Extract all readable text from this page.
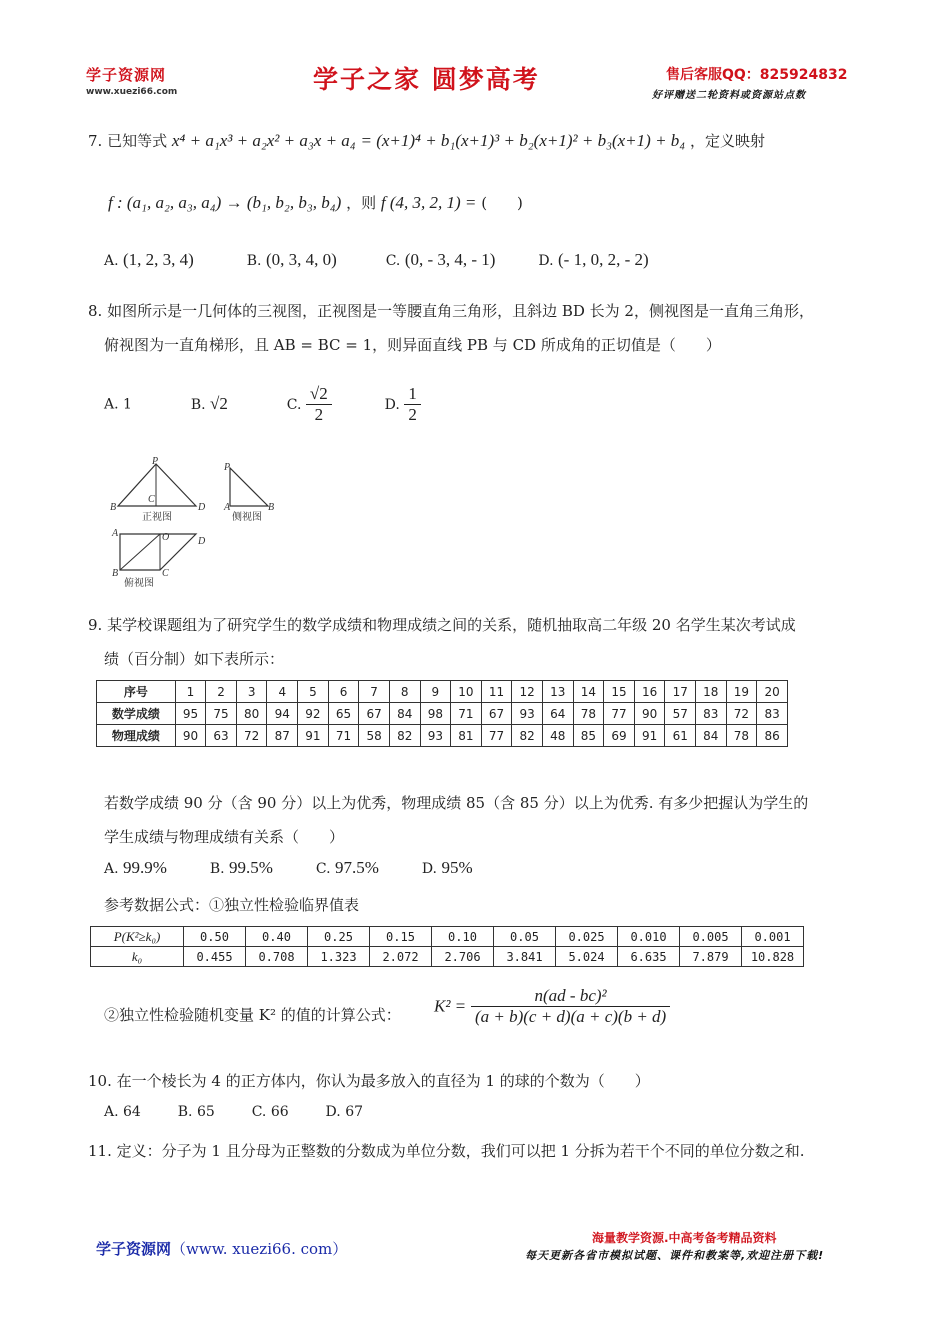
学子资源网
www.xuezi66.com	学子之家 圆梦高考	售后客服QQ：825924832
好评赠送二轮资料或资源站点数
7. 已知等式 x⁴ + a₁x³ + a₂x² + a₃x + a₄ = (x+1)⁴ + b₁(x+1)³ + b₂(x+1)² + b₃(x+1) + b₄ ，定义映射
f : (a₁, a₂, a₃, a₄) → (b₁, b₂, b₃, b₄) ，则 f (4, 3, 2, 1) = (　　)
A. (1, 2, 3, 4)	B. (0, 3, 4, 0)	C. (0, - 3, 4, - 1)	D. (- 1, 0, 2, - 2)
8. 如图所示是一几何体的三视图，正视图是一等腰直角三角形，且斜边 BD 长为 2，侧视图是一直角三角形，
俯视图为一直角梯形，且 AB = BC = 1，则异面直线 PB 与 CD 所成角的正切值是（　　）
A. 1	B. √2	C. $\frac{√2}{2}$	D. $\frac{1}{2}$
P
B
C
D
正视图
P
A	B
侧视图
A	O	D
B	C
俯视图
9. 某学校课题组为了研究学生的数学成绩和物理成绩之间的关系，随机抽取高二年级 20 名学生某次考试成
绩（百分制）如下表所示：
序号	1	2	3	4	5	6	7	8	9	10	11	12	13	14	15	16	17	18	19	20
数学成绩	95	75	80	94	92	65	67	84	98	71	67	93	64	78	77	90	57	83	72	83
物理成绩	90	63	72	87	91	71	58	82	93	81	77	82	48	85	69	91	61	84	78	86
若数学成绩 90 分（含 90 分）以上为优秀，物理成绩 85（含 85 分）以上为优秀. 有多少把握认为学生的
学生成绩与物理成绩有关系（　　）
A. 99.9%	B. 99.5%	C. 97.5%	D. 95%
参考数据公式：①独立性检验临界值表
P(K²≥k₀)	0.50	0.40	0.25	0.15	0.10	0.05	0.025	0.010	0.005	0.001
k₀	0.455	0.708	1.323	2.072	2.706	3.841	5.024	6.635	7.879	10.828
②独立性检验随机变量 K² 的值的计算公式： $K^2 = \frac{\text{n(ad - bc)²}}{(a + b)(c + d)(a + c)(b + d)}$
10. 在一个棱长为 4 的正方体内，你认为最多放入的直径为 1 的球的个数为（　　）
A. 64	B. 65	C. 66	D. 67
11. 定义：分子为 1 且分母为正整数的分数成为单位分数，我们可以把 1 分拆为若干个不同的单位分数之和.
学子资源网（www. xuezi66. com）
海量教学资源.中高考备考精品资料
每天更新各省市模拟试题、课件和教案等,欢迎注册下载!
